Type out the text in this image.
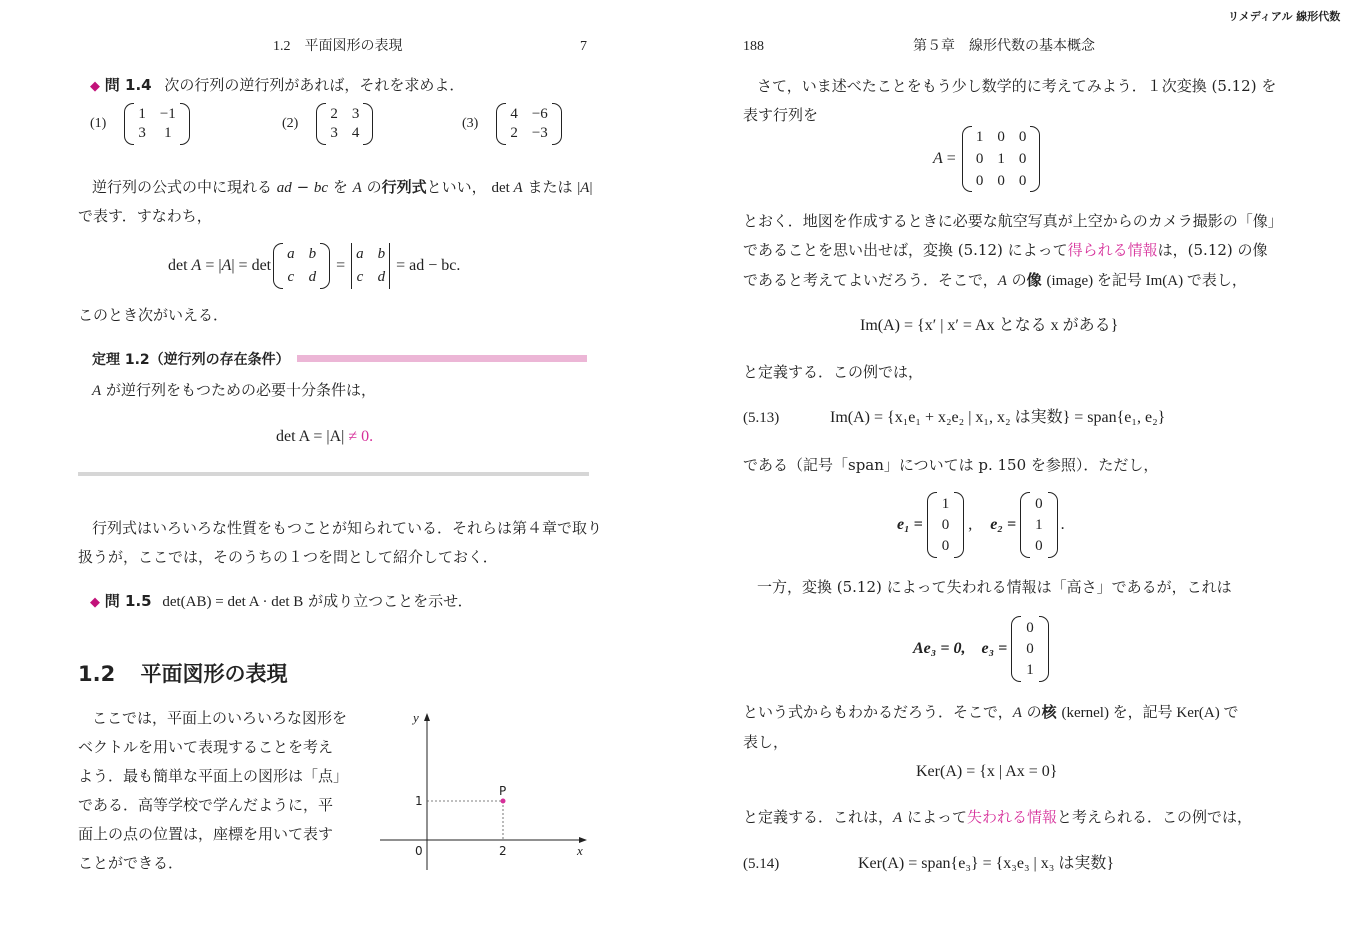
リメディアル 線形代数
1.2　平面図形の表現	7
◆ 問 1.4 次の行列の逆行列があれば，それを求めよ．
(1)
1 −1
3 1
(2)
2 3
3 4
(3)
4 −6
2 −3
逆行列の公式の中に現れる ad − bc を A の行列式といい， det A または |A|
で表す．すなわち，
det A = |A| = det
a b
c d
=
a b
c d
= ad − bc.
このとき次がいえる．
定理 1.2（逆行列の存在条件）
A が逆行列をもつための必要十分条件は，
det A = |A| ≠ 0.
行列式はいろいろな性質をもつことが知られている．それらは第４章で取り
扱うが，ここでは，そのうちの１つを問として紹介しておく．
◆ 問 1.5 det(AB) = det A · det B が成り立つことを示せ．
1.2 平面図形の表現
ここでは，平面上のいろいろな図形を
ベクトルを用いて表現することを考え
よう．最も簡単な平面上の図形は「点」
である．高等学校で学んだように，平
面上の点の位置は，座標を用いて表す
ことができる．
y
x
0	2
1
P
188	第５章　線形代数の基本概念
さて，いま述べたことをもう少し数学的に考えてみよう．１次変換 (5.12) を
表す行列を
A =
1 0 0
0 1 0
0 0 0
とおく．地図を作成するときに必要な航空写真が上空からのカメラ撮影の「像」
であることを思い出せば，変換 (5.12) によって得られる情報は，(5.12) の像
であると考えてよいだろう．そこで，A の像 (image) を記号 Im(A) で表し，
Im(A) = {x′ | x′ = Ax となる x がある}
と定義する．この例では，
(5.13)	Im(A) = {x₁e₁ + x₂e₂ | x₁, x₂ は実数} = span{e₁, e₂}
である（記号「span」については p. 150 を参照）．ただし，
e₁ =
1
0
0
, e₂ =
0
1
0
.
一方，変換 (5.12) によって失われる情報は「高さ」であるが，これは
Ae₃ = 0, e₃ =
0
0
1
という式からもわかるだろう．そこで，A の核 (kernel) を，記号 Ker(A) で
表し，
Ker(A) = {x | Ax = 0}
と定義する．これは，A によって失われる情報と考えられる．この例では，
(5.14)	Ker(A) = span{e₃} = {x₃e₃ | x₃ は実数}
